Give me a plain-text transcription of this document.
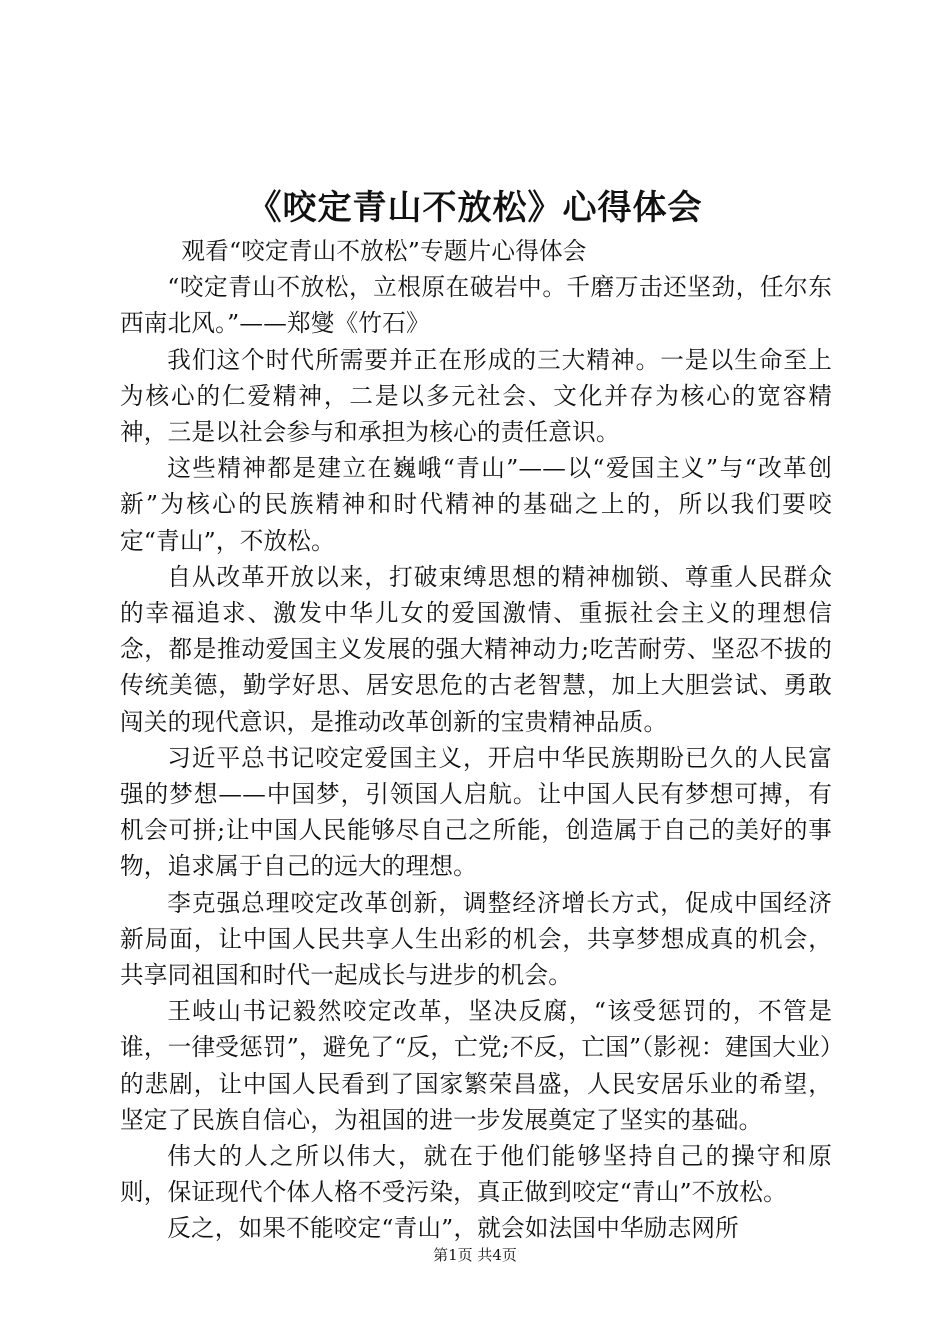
《咬定青山不放松》心得体会

观看“咬定青山不放松”专题片心得体会

“咬定青山不放松，立根原在破岩中。千磨万击还坚劲，任尔东西南北风。”——郑燮《竹石》

我们这个时代所需要并正在形成的三大精神。一是以生命至上为核心的仁爱精神，二是以多元社会、文化并存为核心的宽容精神，三是以社会参与和承担为核心的责任意识。

这些精神都是建立在巍峨“青山”——以“爱国主义”与“改革创新”为核心的民族精神和时代精神的基础之上的，所以我们要咬定“青山”，不放松。

自从改革开放以来，打破束缚思想的精神枷锁、尊重人民群众的幸福追求、激发中华儿女的爱国激情、重振社会主义的理想信念，都是推动爱国主义发展的强大精神动力;吃苦耐劳、坚忍不拔的传统美德，勤学好思、居安思危的古老智慧，加上大胆尝试、勇敢闯关的现代意识，是推动改革创新的宝贵精神品质。

习近平总书记咬定爱国主义，开启中华民族期盼已久的人民富强的梦想——中国梦，引领国人启航。让中国人民有梦想可搏，有机会可拼;让中国人民能够尽自己之所能，创造属于自己的美好的事物，追求属于自己的远大的理想。

李克强总理咬定改革创新，调整经济增长方式，促成中国经济新局面，让中国人民共享人生出彩的机会，共享梦想成真的机会，共享同祖国和时代一起成长与进步的机会。

王岐山书记毅然咬定改革，坚决反腐，“该受惩罚的，不管是谁，一律受惩罚”，避免了“反，亡党;不反，亡国”（影视：建国大业）的悲剧，让中国人民看到了国家繁荣昌盛，人民安居乐业的希望，坚定了民族自信心，为祖国的进一步发展奠定了坚实的基础。

伟大的人之所以伟大，就在于他们能够坚持自己的操守和原则，保证现代个体人格不受污染，真正做到咬定“青山”不放松。

反之，如果不能咬定“青山”，就会如法国中华励志网所

第1页 共4页
